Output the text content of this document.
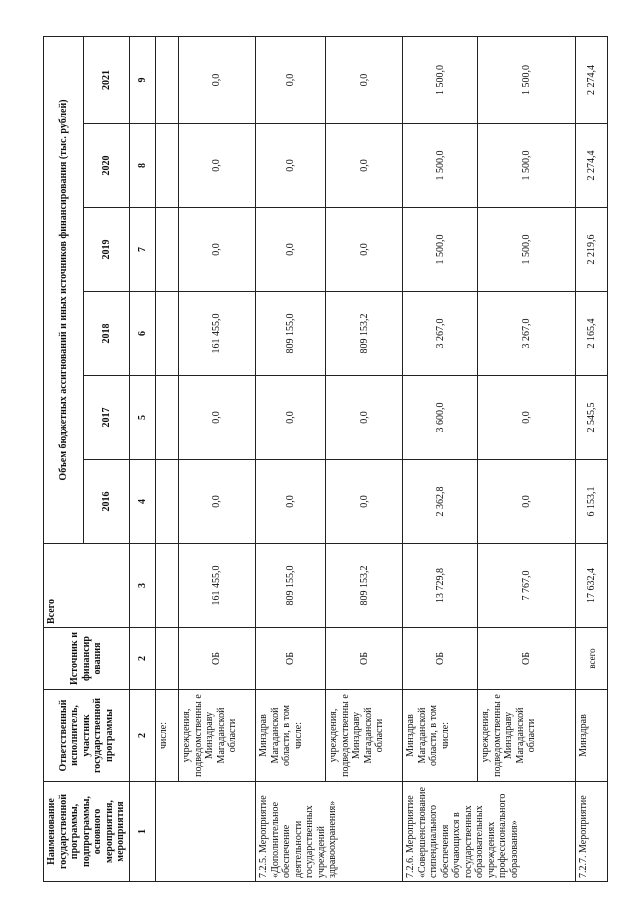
Наименование государственной программы, подпрограммы, основного мероприятия, мероприятия	Ответственный исполнитель, участник государственной программы	Источник и финансир ования	Всего	Объем бюджетных ассигнований и иных источников финансирования (тыс. рублей)					
				2016	2017	2018	2019	2020	2021
1	2	2	3	4	5	6	7	8	9
	числе:								
	учреждения, подведомственны е Минздраву Магаданской области	ОБ	161 455,0	0,0	0,0	161 455,0	0,0	0,0	0,0
7.2.5. Мероприятие «Дополнительное обеспечение деятельности государственных учреждений здравоохранения»	Минздрав Магаданской области, в том числе:	ОБ	809 155,0	0,0	0,0	809 155,0	0,0	0,0	0,0
	учреждения, подведомственны е Минздраву Магаданской области	ОБ	809 153,2	0,0	0,0	809 153,2	0,0	0,0	0,0
7.2.6. Мероприятие «Совершенствование стипендиального обеспечения обучающихся в государственных образовательных учреждениях профессионального образования»	Минздрав Магаданской области, в том числе:	ОБ	13 729,8	2 362,8	3 600,0	3 267,0	1 500,0	1 500,0	1 500,0
	учреждения, подведомственны е Минздраву Магаданской области	ОБ	7 767,0	0,0	0,0	3 267,0	1 500,0	1 500,0	1 500,0
7.2.7. Мероприятие	Минздрав	всего	17 632,4	6 153,1	2 545,5	2 165,4	2 219,6	2 274,4	2 274,4
